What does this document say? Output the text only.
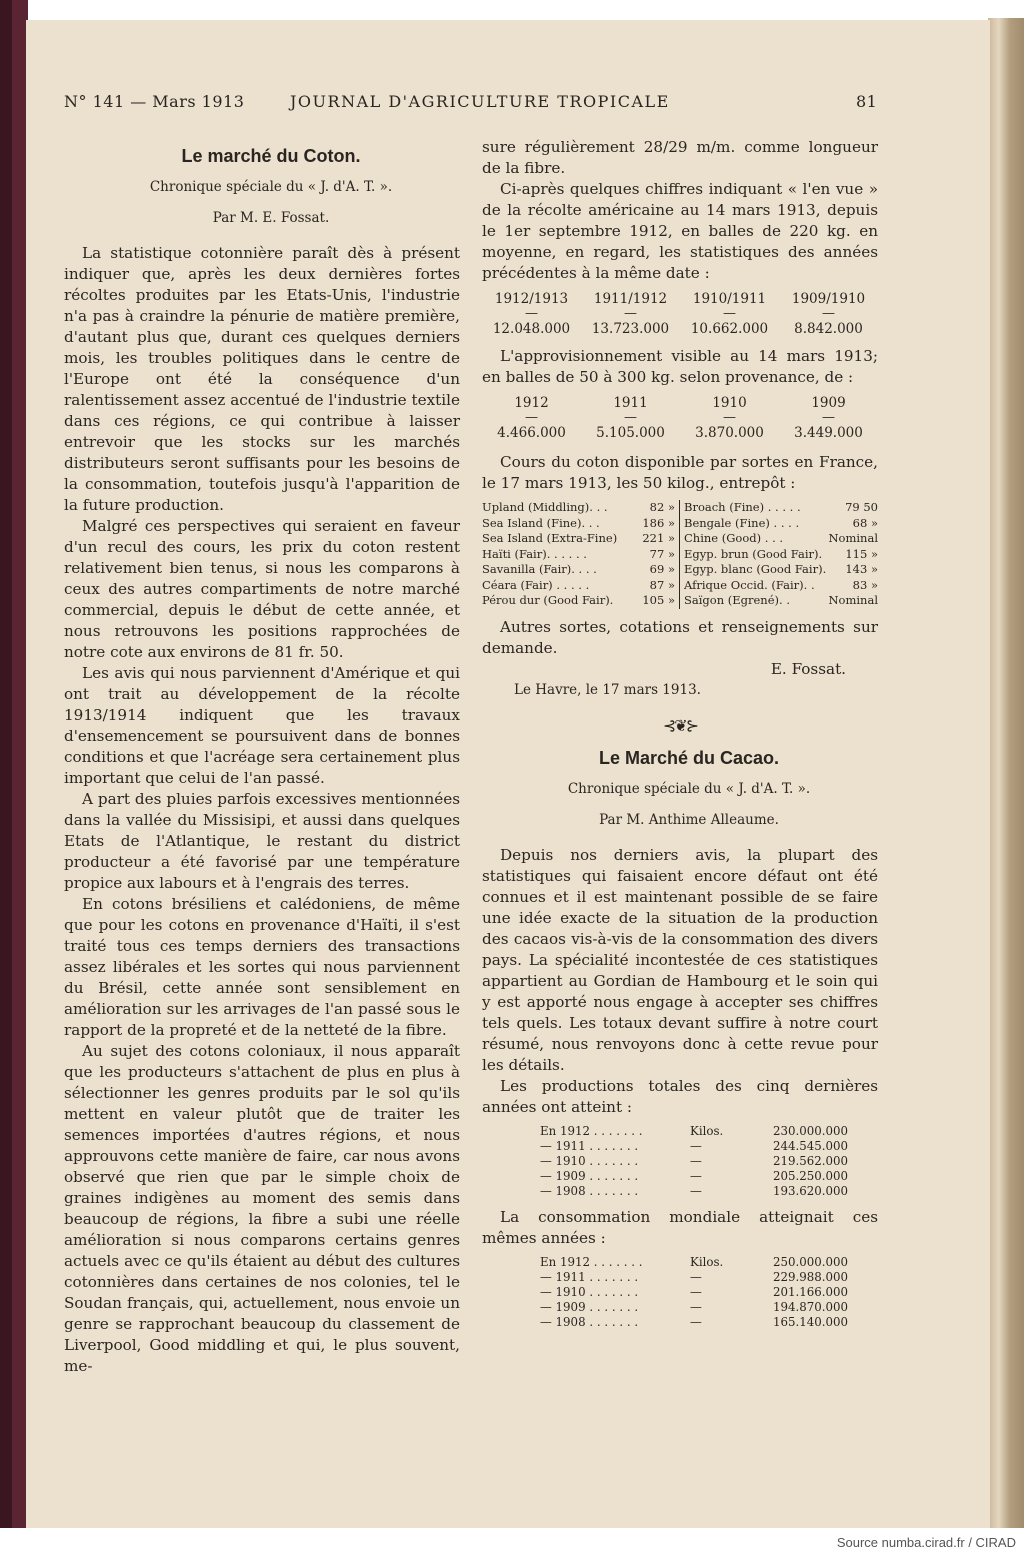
N° 141 — Mars 1913	JOURNAL D'AGRICULTURE TROPICALE	81

Le marché du Coton.

Chronique spéciale du « J. d'A. T. ».

Par M. E. Fossat.

La statistique cotonnière paraît dès à présent indiquer que, après les deux dernières fortes récoltes produites par les Etats-Unis, l'industrie n'a pas à craindre la pénurie de matière première, d'autant plus que, durant ces quelques derniers mois, les troubles politiques dans le centre de l'Europe ont été la conséquence d'un ralentissement assez accentué de l'industrie textile dans ces régions, ce qui contribue à laisser entrevoir que les stocks sur les marchés distributeurs seront suffisants pour les besoins de la consommation, toutefois jusqu'à l'apparition de la future production.

Malgré ces perspectives qui seraient en faveur d'un recul des cours, les prix du coton restent relativement bien tenus, si nous les comparons à ceux des autres compartiments de notre marché commercial, depuis le début de cette année, et nous retrouvons les positions rapprochées de notre cote aux environs de 81 fr. 50.

Les avis qui nous parviennent d'Amérique et qui ont trait au développement de la récolte 1913/1914 indiquent que les travaux d'ensemencement se poursuivent dans de bonnes conditions et que l'acréage sera certainement plus important que celui de l'an passé.

A part des pluies parfois excessives mentionnées dans la vallée du Missisipi, et aussi dans quelques Etats de l'Atlantique, le restant du district producteur a été favorisé par une température propice aux labours et à l'engrais des terres.

En cotons brésiliens et calédoniens, de même que pour les cotons en provenance d'Haïti, il s'est traité tous ces temps derniers des transactions assez libérales et les sortes qui nous parviennent du Brésil, cette année sont sensiblement en amélioration sur les arrivages de l'an passé sous le rapport de la propreté et de la netteté de la fibre.

Au sujet des cotons coloniaux, il nous apparaît que les producteurs s'attachent de plus en plus à sélectionner les genres produits par le sol qu'ils mettent en valeur plutôt que de traiter les semences importées d'autres régions, et nous approuvons cette manière de faire, car nous avons observé que rien que par le simple choix de graines indigènes au moment des semis dans beaucoup de régions, la fibre a subi une réelle amélioration si nous comparons certains genres actuels avec ce qu'ils étaient au début des cultures cotonnières dans certaines de nos colonies, tel le Soudan français, qui, actuellement, nous envoie un genre se rapprochant beaucoup du classement de Liverpool, Good middling et qui, le plus souvent, me-

sure régulièrement 28/29 m/m. comme longueur de la fibre.

Ci-après quelques chiffres indiquant « l'en vue » de la récolte américaine au 14 mars 1913, depuis le 1er septembre 1912, en balles de 220 kg. en moyenne, en regard, les statistiques des années précédentes à la même date :

1912/1913	1911/1912	1910/1911	1909/1910
—	—	—	—
12.048.000	13.723.000	10.662.000	8.842.000

L'approvisionnement visible au 14 mars 1913; en balles de 50 à 300 kg. selon provenance, de :

1912	1911	1910	1909
—	—	—	—
4.466.000	5.105.000	3.870.000	3.449.000

Cours du coton disponible par sortes en France, le 17 mars 1913, les 50 kilog., entrepôt :

Upland (Middling). . .	82 »
Sea Island (Fine). . .	186 »
Sea Island (Extra-Fine) 221 »
Haïti (Fair). . . . . .	77 »
Savanilla (Fair). . . .	69 »
Céara (Fair) . . . . .	87 »
Pérou dur (Good Fair).	105 »
Broach (Fine) . . . . .	79 50
Bengale (Fine) . . . .	68 »
Chine (Good) . . .	Nominal
Egyp. brun (Good Fair). 115 »
Egyp. blanc (Good Fair). 143 »
Afrique Occid. (Fair). .	83 »
Saïgon (Egrené). .	Nominal

Autres sortes, cotations et renseignements sur demande.

E. Fossat.

Le Havre, le 17 mars 1913.

⊰❦⊱

Le Marché du Cacao.

Chronique spéciale du « J. d'A. T. ».

Par M. Anthime Alleaume.

Depuis nos derniers avis, la plupart des statistiques qui faisaient encore défaut ont été connues et il est maintenant possible de se faire une idée exacte de la situation de la production des cacaos vis-à-vis de la consommation des divers pays. La spécialité incontestée de ces statistiques appartient au Gordian de Hambourg et le soin qui y est apporté nous engage à accepter ses chiffres tels quels. Les totaux devant suffire à notre court résumé, nous renvoyons donc à cette revue pour les détails.

Les productions totales des cinq dernières années ont atteint :

En 1912 . . . . . . .	Kilos.	230.000.000
— 1911 . . . . . . .	—	244.545.000
— 1910 . . . . . . .	—	219.562.000
— 1909 . . . . . . .	—	205.250.000
— 1908 . . . . . . .	—	193.620.000

La consommation mondiale atteignait ces mêmes années :

En 1912 . . . . . . .	Kilos.	250.000.000
— 1911 . . . . . . .	—	229.988.000
— 1910 . . . . . . .	—	201.166.000
— 1909 . . . . . . .	—	194.870.000
— 1908 . . . . . . .	—	165.140.000
Source numba.cirad.fr / CIRAD
